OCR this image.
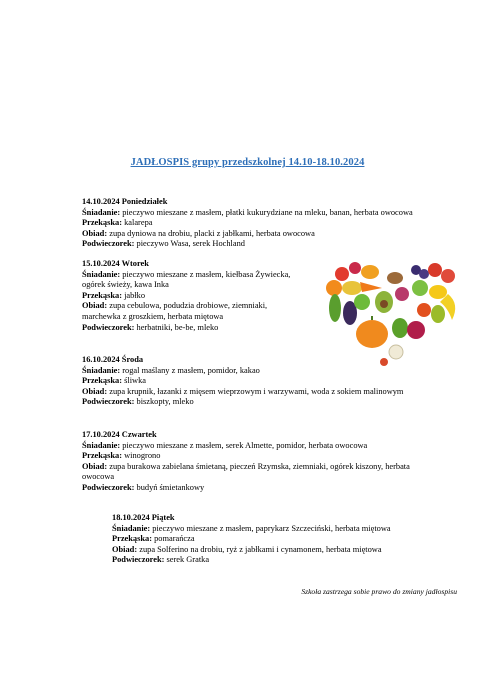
JADŁOSPIS grupy przedszkolnej 14.10-18.10.2024
14.10.2024 Poniedziałek
Śniadanie: pieczywo mieszane z masłem, płatki kukurydziane na mleku, banan, herbata owocowa
Przekąska: kalarepa
Obiad: zupa dyniowa na drobiu, placki z jabłkami, herbata owocowa
Podwieczorek: pieczywo Wasa, serek Hochland
15.10.2024 Wtorek
Śniadanie: pieczywo mieszane z masłem, kiełbasa Żywiecka,
ogórek świeży, kawa Inka
Przekąska: jabłko
Obiad: zupa cebulowa, podudzia drobiowe, ziemniaki,
marchewka z groszkiem, herbata miętowa
Podwieczorek: herbatniki, be-be, mleko
16.10.2024 Środa
Śniadanie: rogal maślany z masłem, pomidor, kakao
Przekąska: śliwka
Obiad: zupa krupnik, łazanki z mięsem wieprzowym i warzywami, woda z sokiem malinowym
Podwieczorek: biszkopty, mleko
17.10.2024 Czwartek
Śniadanie: pieczywo mieszane z masłem, serek Almette, pomidor, herbata owocowa
Przekąska: winogrono
Obiad: zupa burakowa zabielana śmietaną, pieczeń Rzymska, ziemniaki, ogórek kiszony, herbata
owocowa
Podwieczorek: budyń śmietankowy
18.10.2024 Piątek
Śniadanie: pieczywo mieszane z masłem, paprykarz Szczeciński, herbata miętowa
Przekąska: pomarańcza
Obiad: zupa Solferino na drobiu, ryż z jabłkami i cynamonem, herbata miętowa
Podwieczorek: serek Gratka
Szkoła zastrzega sobie prawo do zmiany jadłospisu
